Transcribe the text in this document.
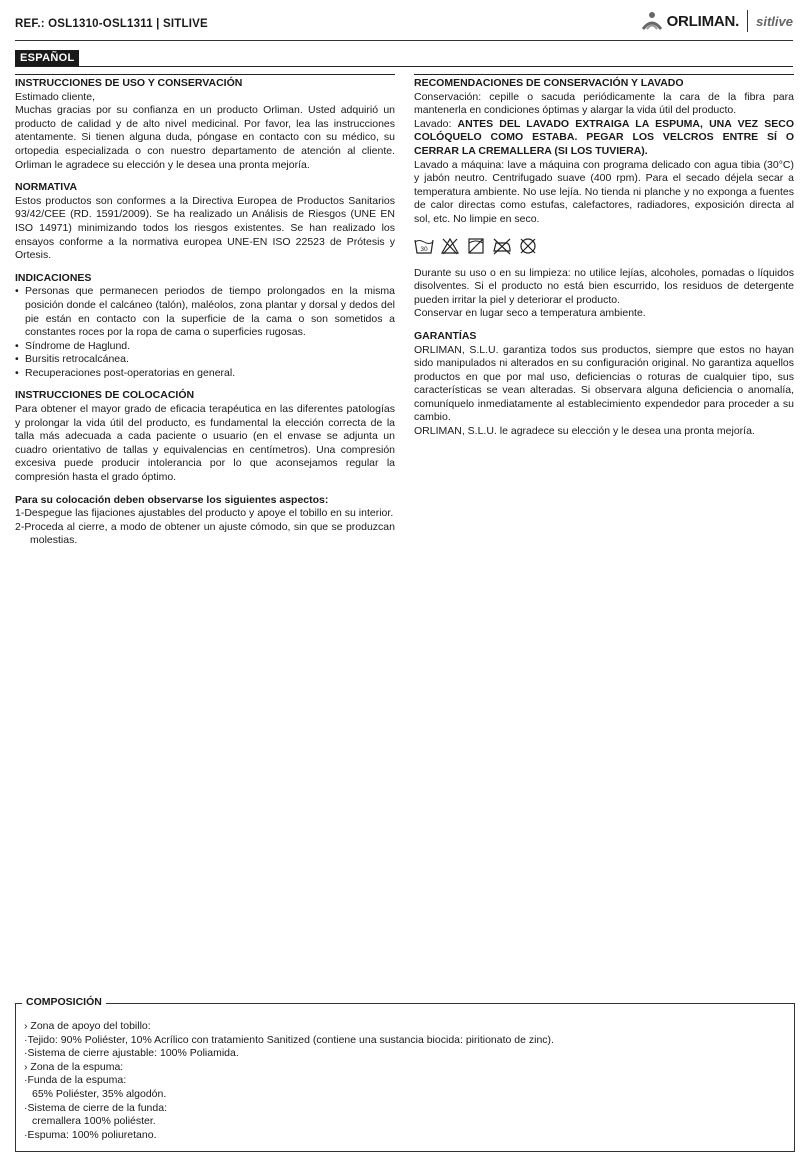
REF.: OSL1310-OSL1311 | SITLIVE	ORLIMAN. sitlive
ESPAÑOL

INSTRUCCIONES DE USO Y CONSERVACIÓN

Estimado cliente,

Muchas gracias por su confianza en un producto Orliman. Usted adquirió un producto de calidad y de alto nivel medicinal. Por favor, lea las instrucciones atentamente. Si tienen alguna duda, póngase en contacto con su médico, su ortopedia especializada o con nuestro departamento de atención al cliente. Orliman le agradece su elección y le desea una pronta mejoría.

NORMATIVA

Estos productos son conformes a la Directiva Europea de Productos Sanitarios 93/42/CEE (RD. 1591/2009). Se ha realizado un Análisis de Riesgos (UNE EN ISO 14971) minimizando todos los riesgos existentes. Se han realizado los ensayos conforme a la normativa europea UNE-EN ISO 22523 de Prótesis y Ortesis.

INDICACIONES

• Personas que permanecen periodos de tiempo prolongados en la misma posición donde el calcáneo (talón), maléolos, zona plantar y dorsal y dedos del pie están en contacto con la superficie de la cama o son sometidos a constantes roces por la ropa de cama o superficies rugosas.
• Síndrome de Haglund.
• Bursitis retrocalcánea.
• Recuperaciones post-operatorias en general.

INSTRUCCIONES DE COLOCACIÓN

Para obtener el mayor grado de eficacia terapéutica en las diferentes patologías y prolongar la vida útil del producto, es fundamental la elección correcta de la talla más adecuada a cada paciente o usuario (en el envase se adjunta un cuadro orientativo de tallas y equivalencias en centímetros). Una compresión excesiva puede producir intolerancia por lo que aconsejamos regular la compresión hasta el grado óptimo.

Para su colocación deben observarse los siguientes aspectos:

1-Despegue las fijaciones ajustables del producto y apoye el tobillo en su interior.
2-Proceda al cierre, a modo de obtener un ajuste cómodo, sin que se produzcan molestias.

RECOMENDACIONES DE CONSERVACIÓN Y LAVADO

Conservación: cepille o sacuda periódicamente la cara de la fibra para mantenerla en condiciones óptimas y alargar la vida útil del producto.

Lavado: ANTES DEL LAVADO EXTRAIGA LA ESPUMA, UNA VEZ SECO COLÓQUELO COMO ESTABA. PEGAR LOS VELCROS ENTRE SÍ O CERRAR LA CREMALLERA (SI LOS TUVIERA).

Lavado a máquina: lave a máquina con programa delicado con agua tibia (30°C) y jabón neutro. Centrifugado suave (400 rpm). Para el secado déjela secar a temperatura ambiente. No use lejía. No tienda ni planche y no exponga a fuentes de calor directas como estufas, calefactores, radiadores, exposición directa al sol, etc. No limpie en seco.

30

Durante su uso o en su limpieza: no utilice lejías, alcoholes, pomadas o líquidos disolventes. Si el producto no está bien escurrido, los residuos de detergente pueden irritar la piel y deteriorar el producto.

Conservar en lugar seco a temperatura ambiente.

GARANTÍAS

ORLIMAN, S.L.U. garantiza todos sus productos, siempre que estos no hayan sido manipulados ni alterados en su configuración original. No garantiza aquellos productos en que por mal uso, deficiencias o roturas de cualquier tipo, sus características se vean alteradas. Si observara alguna deficiencia o anomalía, comuníquelo inmediatamente al establecimiento expendedor para proceder a su cambio.

ORLIMAN, S.L.U. le agradece su elección y le desea una pronta mejoría.

COMPOSICIÓN
› Zona de apoyo del tobillo:
·Tejido: 90% Poliéster, 10% Acrílico con tratamiento Sanitized (contiene una sustancia biocida: piritionato de zinc).
·Sistema de cierre ajustable: 100% Poliamida.
› Zona de la espuma:
·Funda de la espuma:
65% Poliéster, 35% algodón.
·Sistema de cierre de la funda:
cremallera 100% poliéster.
·Espuma: 100% poliuretano.
